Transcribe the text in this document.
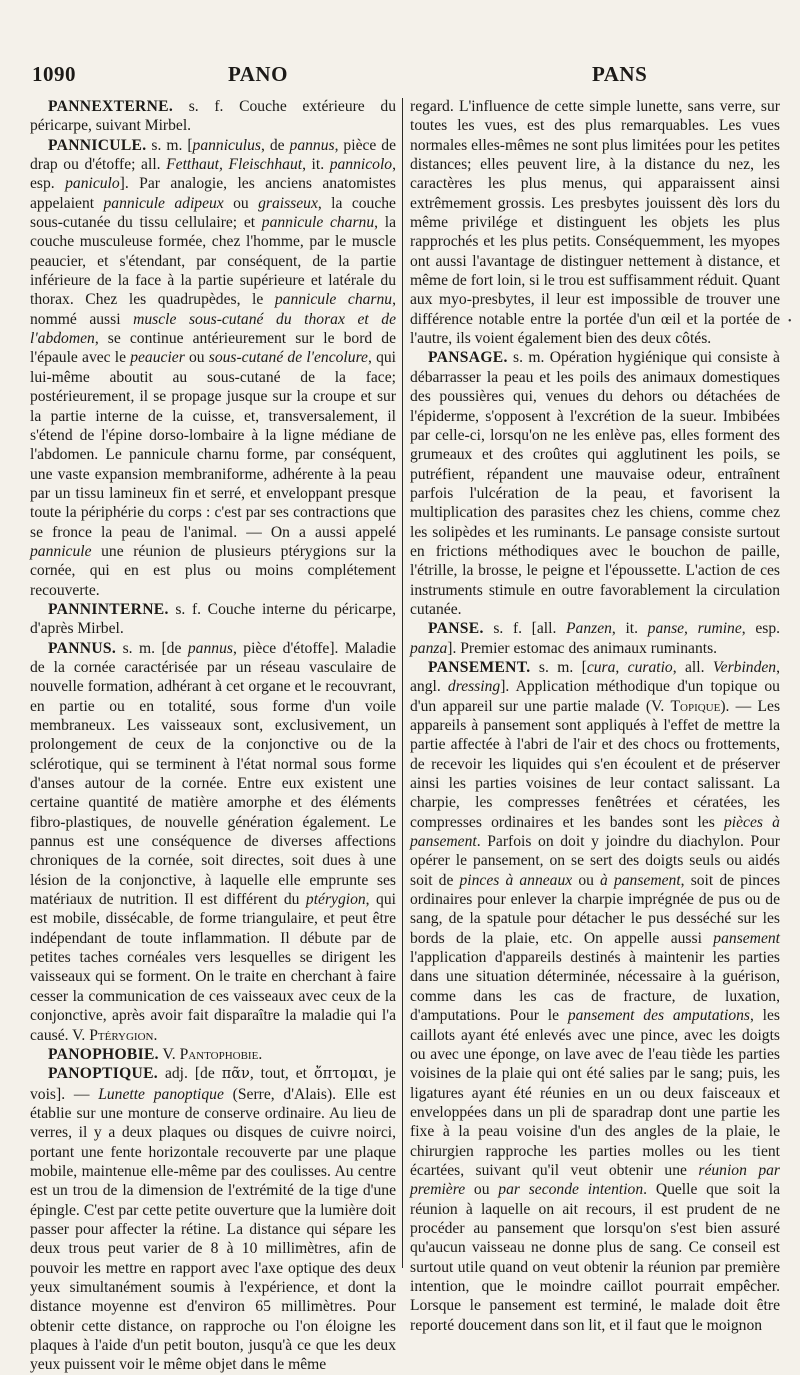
1090	PANO	PANS

PANNEXTERNE. s. f. Couche extérieure du péricarpe, suivant Mirbel.

PANNICULE. s. m. [panniculus, de pannus, pièce de drap ou d'étoffe; all. Fetthaut, Fleischhaut, it. pannicolo, esp. paniculo]. Par analogie, les anciens anatomistes appelaient pannicule adipeux ou graisseux, la couche sous-cutanée du tissu cellulaire; et pannicule charnu, la couche musculeuse formée, chez l'homme, par le muscle peaucier, et s'étendant, par conséquent, de la partie inférieure de la face à la partie supérieure et latérale du thorax. Chez les quadrupèdes, le pannicule charnu, nommé aussi muscle sous-cutané du thorax et de l'abdomen, se continue antérieurement sur le bord de l'épaule avec le peaucier ou sous-cutané de l'encolure, qui lui-même aboutit au sous-cutané de la face; postérieurement, il se propage jusque sur la croupe et sur la partie interne de la cuisse, et, transversalement, il s'étend de l'épine dorso-lombaire à la ligne médiane de l'abdomen. Le pannicule charnu forme, par conséquent, une vaste expansion membraniforme, adhérente à la peau par un tissu lamineux fin et serré, et enveloppant presque toute la périphérie du corps : c'est par ses contractions que se fronce la peau de l'animal. — On a aussi appelé pannicule une réunion de plusieurs ptérygions sur la cornée, qui en est plus ou moins complétement recouverte.

PANNINTERNE. s. f. Couche interne du péricarpe, d'après Mirbel.

PANNUS. s. m. [de pannus, pièce d'étoffe]. Maladie de la cornée caractérisée par un réseau vasculaire de nouvelle formation, adhérant à cet organe et le recouvrant, en partie ou en totalité, sous forme d'un voile membraneux. Les vaisseaux sont, exclusivement, un prolongement de ceux de la conjonctive ou de la sclérotique, qui se terminent à l'état normal sous forme d'anses autour de la cornée. Entre eux existent une certaine quantité de matière amorphe et des éléments fibro-plastiques, de nouvelle génération également. Le pannus est une conséquence de diverses affections chroniques de la cornée, soit directes, soit dues à une lésion de la conjonctive, à laquelle elle emprunte ses matériaux de nutrition. Il est différent du ptérygion, qui est mobile, dissécable, de forme triangulaire, et peut être indépendant de toute inflammation. Il débute par de petites taches cornéales vers lesquelles se dirigent les vaisseaux qui se forment. On le traite en cherchant à faire cesser la communication de ces vaisseaux avec ceux de la conjonctive, après avoir fait disparaître la maladie qui l'a causé. V. Ptérygion.

PANOPHOBIE. V. Pantophobie.

PANOPTIQUE. adj. [de πᾶν, tout, et ὄπτομαι, je vois]. — Lunette panoptique (Serre, d'Alais). Elle est établie sur une monture de conserve ordinaire. Au lieu de verres, il y a deux plaques ou disques de cuivre noirci, portant une fente horizontale recouverte par une plaque mobile, maintenue elle-même par des coulisses. Au centre est un trou de la dimension de l'extrémité de la tige d'une épingle. C'est par cette petite ouverture que la lumière doit passer pour affecter la rétine. La distance qui sépare les deux trous peut varier de 8 à 10 millimètres, afin de pouvoir les mettre en rapport avec l'axe optique des deux yeux simultanément soumis à l'expérience, et dont la distance moyenne est d'environ 65 millimètres. Pour obtenir cette distance, on rapproche ou l'on éloigne les plaques à l'aide d'un petit bouton, jusqu'à ce que les deux yeux puissent voir le même objet dans le même

regard. L'influence de cette simple lunette, sans verre, sur toutes les vues, est des plus remarquables. Les vues normales elles-mêmes ne sont plus limitées pour les petites distances; elles peuvent lire, à la distance du nez, les caractères les plus menus, qui apparaissent ainsi extrêmement grossis. Les presbytes jouissent dès lors du même privilége et distinguent les objets les plus rapprochés et les plus petits. Conséquemment, les myopes ont aussi l'avantage de distinguer nettement à distance, et même de fort loin, si le trou est suffisamment réduit. Quant aux myo-presbytes, il leur est impossible de trouver une différence notable entre la portée d'un œil et la portée de l'autre, ils voient également bien des deux côtés.

PANSAGE. s. m. Opération hygiénique qui consiste à débarrasser la peau et les poils des animaux domestiques des poussières qui, venues du dehors ou détachées de l'épiderme, s'opposent à l'excrétion de la sueur. Imbibées par celle-ci, lorsqu'on ne les enlève pas, elles forment des grumeaux et des croûtes qui agglutinent les poils, se putréfient, répandent une mauvaise odeur, entraînent parfois l'ulcération de la peau, et favorisent la multiplication des parasites chez les chiens, comme chez les solipèdes et les ruminants. Le pansage consiste surtout en frictions méthodiques avec le bouchon de paille, l'étrille, la brosse, le peigne et l'époussette. L'action de ces instruments stimule en outre favorablement la circulation cutanée.

PANSE. s. f. [all. Panzen, it. panse, rumine, esp. panza]. Premier estomac des animaux ruminants.

PANSEMENT. s. m. [cura, curatio, all. Verbinden, angl. dressing]. Application méthodique d'un topique ou d'un appareil sur une partie malade (V. Topique). — Les appareils à pansement sont appliqués à l'effet de mettre la partie affectée à l'abri de l'air et des chocs ou frottements, de recevoir les liquides qui s'en écoulent et de préserver ainsi les parties voisines de leur contact salissant. La charpie, les compresses fenêtrées et cératées, les compresses ordinaires et les bandes sont les pièces à pansement. Parfois on doit y joindre du diachylon. Pour opérer le pansement, on se sert des doigts seuls ou aidés soit de pinces à anneaux ou à pansement, soit de pinces ordinaires pour enlever la charpie imprégnée de pus ou de sang, de la spatule pour détacher le pus desséché sur les bords de la plaie, etc. On appelle aussi pansement l'application d'appareils destinés à maintenir les parties dans une situation déterminée, nécessaire à la guérison, comme dans les cas de fracture, de luxation, d'amputations. Pour le pansement des amputations, les caillots ayant été enlevés avec une pince, avec les doigts ou avec une éponge, on lave avec de l'eau tiède les parties voisines de la plaie qui ont été salies par le sang; puis, les ligatures ayant été réunies en un ou deux faisceaux et enveloppées dans un pli de sparadrap dont une partie les fixe à la peau voisine d'un des angles de la plaie, le chirurgien rapproche les parties molles ou les tient écartées, suivant qu'il veut obtenir une réunion par première ou par seconde intention. Quelle que soit la réunion à laquelle on ait recours, il est prudent de ne procéder au pansement que lorsqu'on s'est bien assuré qu'aucun vaisseau ne donne plus de sang. Ce conseil est surtout utile quand on veut obtenir la réunion par première intention, que le moindre caillot pourrait empêcher. Lorsque le pansement est terminé, le malade doit être reporté doucement dans son lit, et il faut que le moignon

•
